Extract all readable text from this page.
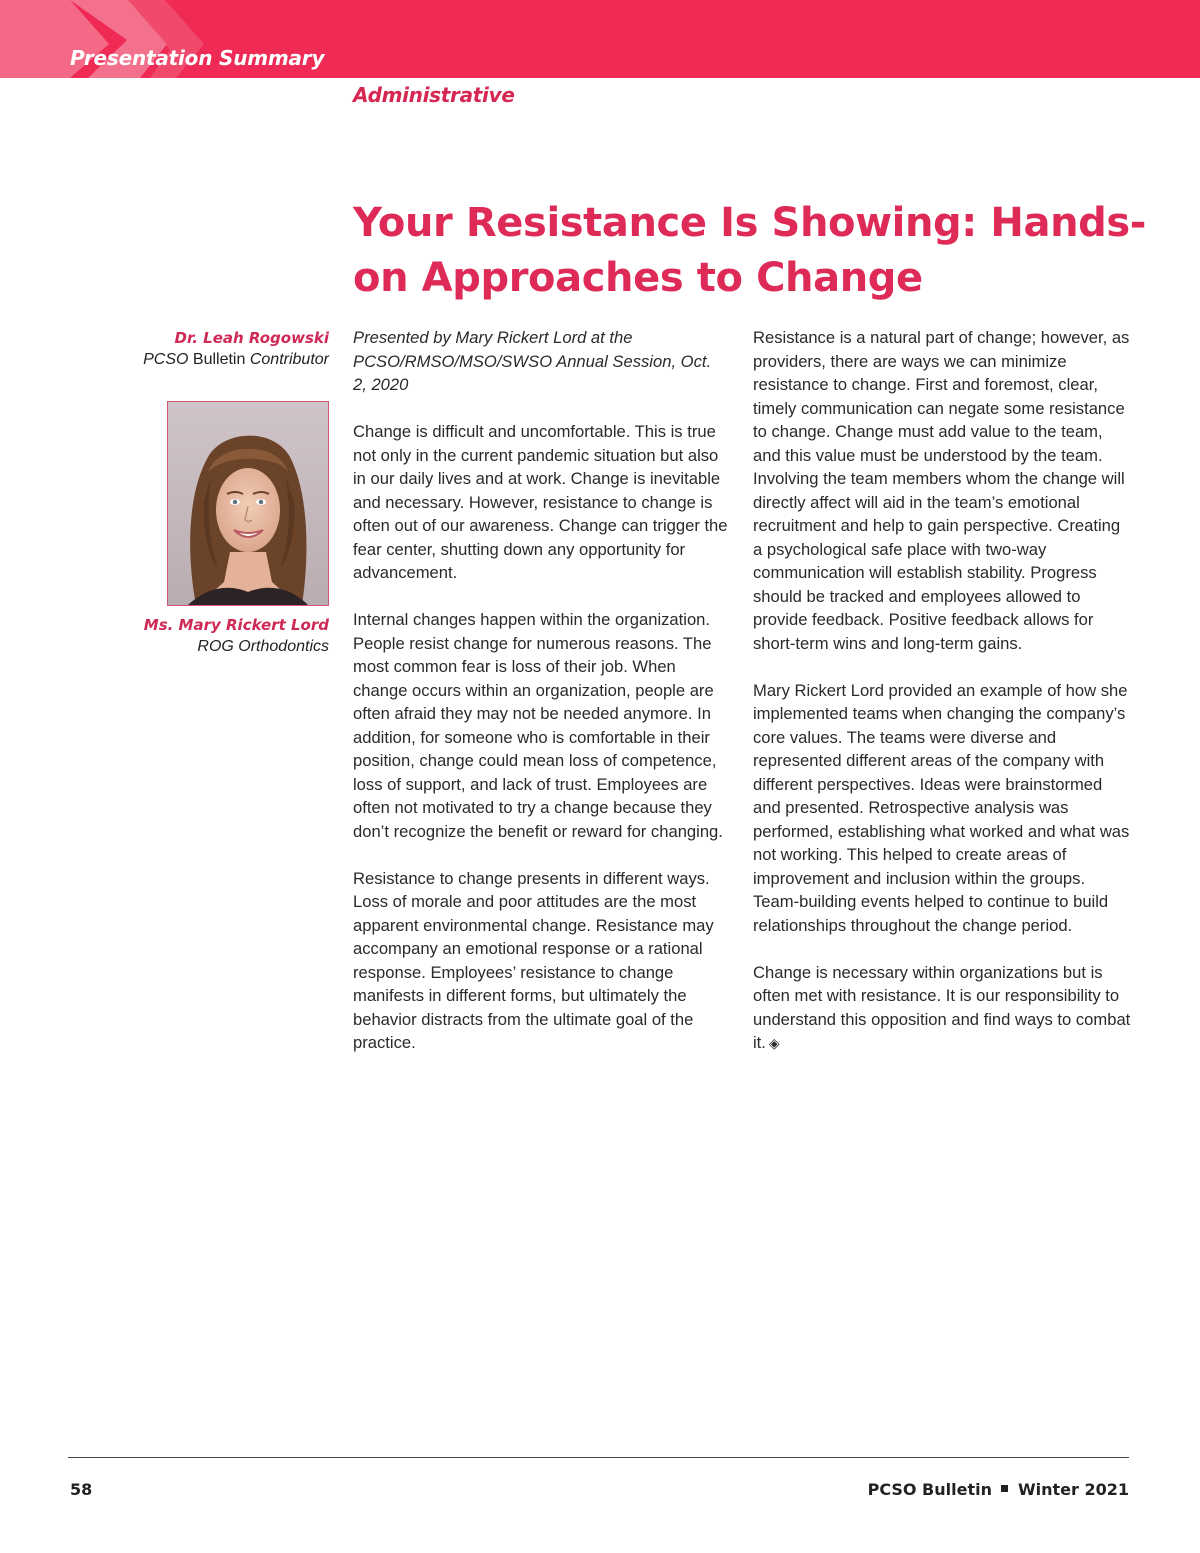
Presentation Summary
Administrative
Your Resistance Is Showing: Hands-on Approaches to Change
Dr. Leah Rogowski
PCSO Bulletin Contributor
Ms. Mary Rickert Lord
ROG Orthodontics

Presented by Mary Rickert Lord at the PCSO/RMSO/MSO/SWSO Annual Session, Oct. 2, 2020

Change is difficult and uncomfortable. This is true not only in the current pandemic situation but also in our daily lives and at work. Change is inevitable and necessary. However, resistance to change is often out of our awareness. Change can trigger the fear center, shutting down any opportunity for advancement.

Internal changes happen within the organization. People resist change for numerous reasons. The most common fear is loss of their job. When change occurs within an organization, people are often afraid they may not be needed anymore. In addition, for someone who is comfortable in their position, change could mean loss of competence, loss of support, and lack of trust. Employees are often not motivated to try a change because they don’t recognize the benefit or reward for changing.

Resistance to change presents in different ways. Loss of morale and poor attitudes are the most apparent environmental change. Resistance may accompany an emotional response or a rational response. Employees’ resistance to change manifests in different forms, but ultimately the behavior distracts from the ultimate goal of the practice.

Resistance is a natural part of change; however, as providers, there are ways we can minimize resistance to change. First and foremost, clear, timely communication can negate some resistance to change. Change must add value to the team, and this value must be understood by the team. Involving the team members whom the change will directly affect will aid in the team’s emotional recruitment and help to gain perspective. Creating a psychological safe place with two-way communication will establish stability. Progress should be tracked and employees allowed to provide feedback. Positive feedback allows for short-term wins and long-term gains.

Mary Rickert Lord provided an example of how she implemented teams when changing the company’s core values. The teams were diverse and represented different areas of the company with different perspectives. Ideas were brainstormed and presented. Retrospective analysis was performed, establishing what worked and what was not working. This helped to create areas of improvement and inclusion within the groups. Team-building events helped to continue to build relationships throughout the change period.

Change is necessary within organizations but is often met with resistance. It is our responsibility to understand this opposition and find ways to combat it. ◈

58	PCSO Bulletin Winter 2021
